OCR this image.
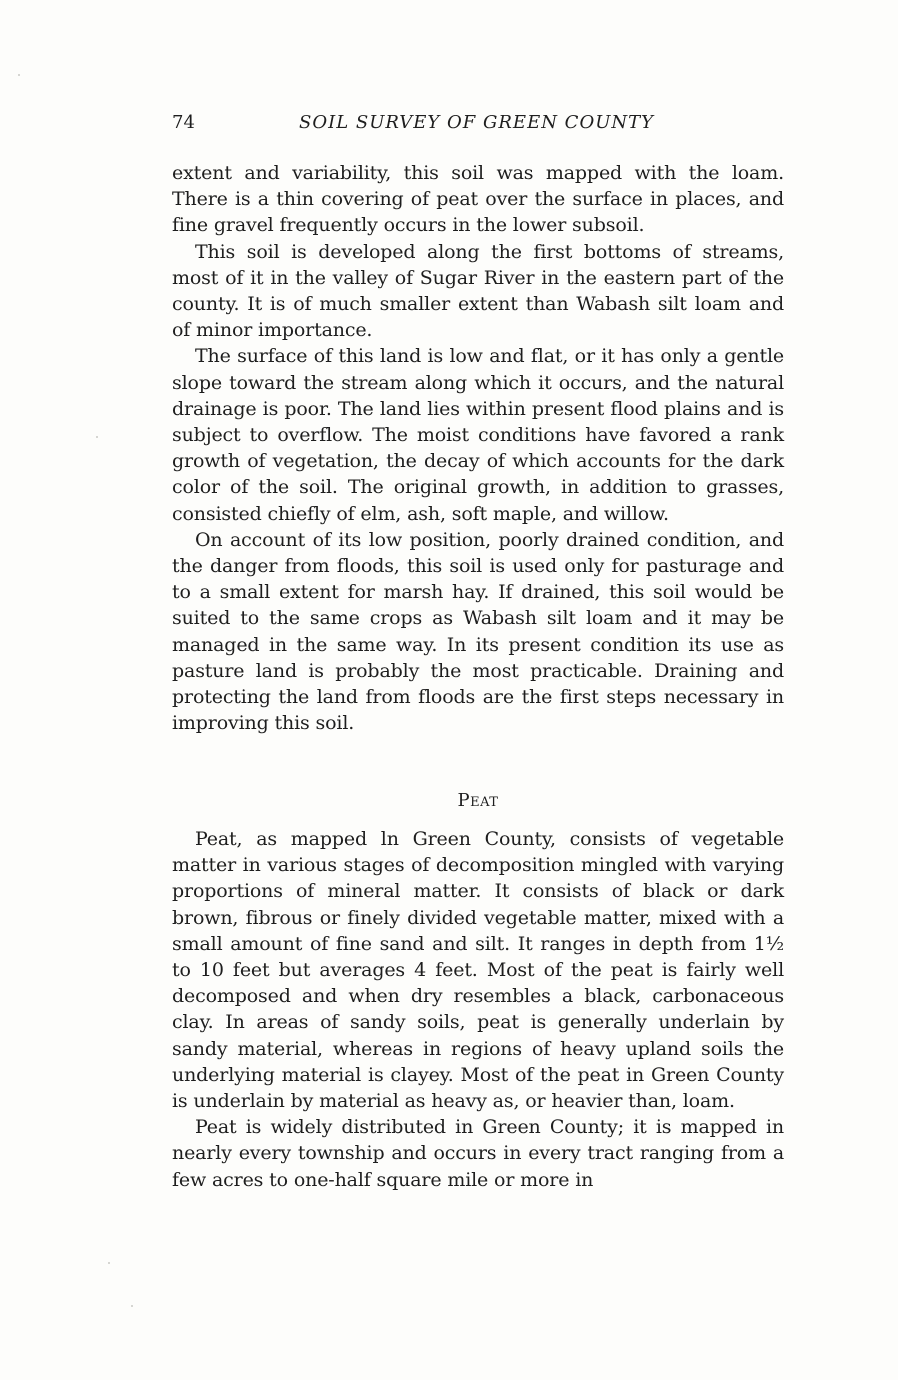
74	SOIL SURVEY OF GREEN COUNTY

extent and variability, this soil was mapped with the loam. There is a thin covering of peat over the surface in places, and fine gravel frequently occurs in the lower subsoil.

This soil is developed along the first bottoms of streams, most of it in the valley of Sugar River in the eastern part of the county. It is of much smaller extent than Wabash silt loam and of minor importance.

The surface of this land is low and flat, or it has only a gentle slope toward the stream along which it occurs, and the natural drainage is poor. The land lies within present flood plains and is subject to overflow. The moist conditions have favored a rank growth of vegetation, the decay of which accounts for the dark color of the soil. The original growth, in addition to grasses, consisted chiefly of elm, ash, soft maple, and willow.

On account of its low position, poorly drained condition, and the danger from floods, this soil is used only for pasturage and to a small extent for marsh hay. If drained, this soil would be suited to the same crops as Wabash silt loam and it may be managed in the same way. In its present condition its use as pasture land is probably the most practicable. Draining and protecting the land from floods are the first steps necessary in improving this soil.

Peat

Peat, as mapped ln Green County, consists of vegetable matter in various stages of decomposition mingled with varying proportions of mineral matter. It consists of black or dark brown, fibrous or finely divided vegetable matter, mixed with a small amount of fine sand and silt. It ranges in depth from 1½ to 10 feet but averages 4 feet. Most of the peat is fairly well decomposed and when dry resembles a black, carbonaceous clay. In areas of sandy soils, peat is generally underlain by sandy material, whereas in regions of heavy upland soils the underlying material is clayey. Most of the peat in Green County is underlain by material as heavy as, or heavier than, loam.

Peat is widely distributed in Green County; it is mapped in nearly every township and occurs in every tract ranging from a few acres to one-half square mile or more in
